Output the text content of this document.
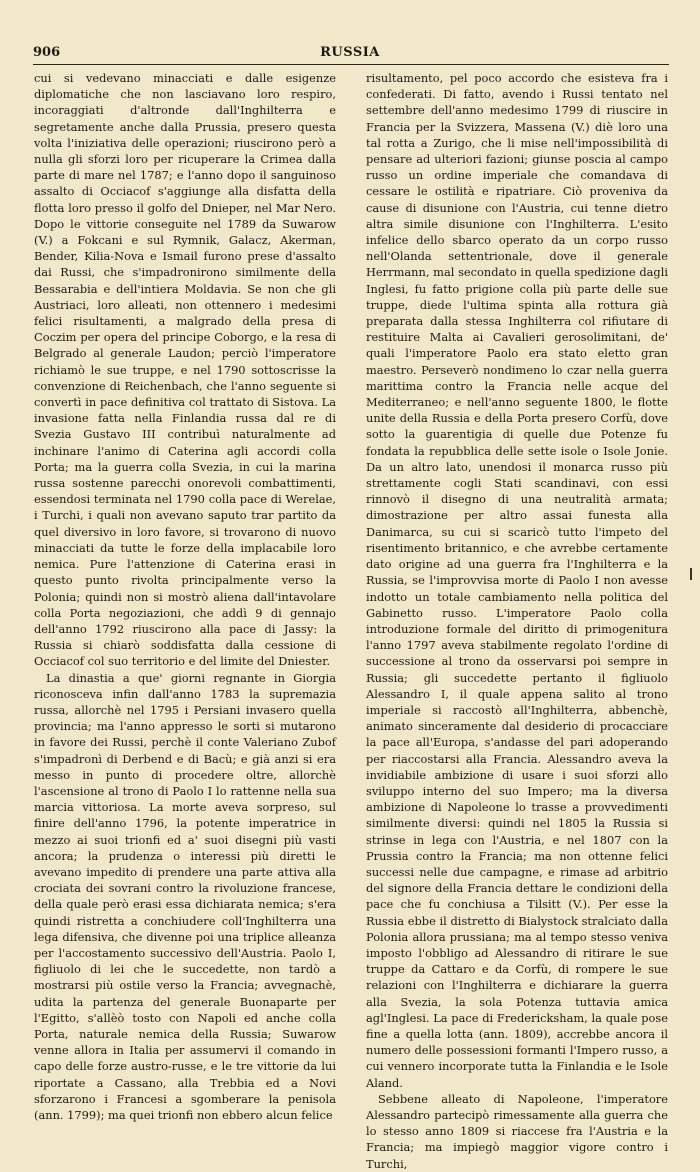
906	RUSSIA

cui si vedevano minacciati e dalle esigenze diplomatiche che non lasciavano loro respiro, incoraggiati d'altronde dall'Inghilterra e segretamente anche dalla Prussia, presero questa volta l'iniziativa delle operazioni; riuscirono però a nulla gli sforzi loro per ricuperare la Crimea dalla parte di mare nel 1787; e l'anno dopo il sanguinoso assalto di Occiacof s'aggiunge alla disfatta della flotta loro presso il golfo del Dnieper, nel Mar Nero. Dopo le vittorie conseguite nel 1789 da Suwarow (V.) a Fokcani e sul Rymnik, Galacz, Akerman, Bender, Kilia-Nova e Ismail furono prese d'assalto dai Russi, che s'impadronirono similmente della Bessarabia e dell'intiera Moldavia. Se non che gli Austriaci, loro alleati, non ottennero i medesimi felici risultamenti, a malgrado della presa di Coczim per opera del principe Coborgo, e la resa di Belgrado al generale Laudon; perciò l'imperatore richiamò le sue truppe, e nel 1790 sottoscrisse la convenzione di Reichenbach, che l'anno seguente si convertì in pace definitiva col trattato di Sistova. La invasione fatta nella Finlandia russa dal re di Svezia Gustavo III contribuì naturalmente ad inchinare l'animo di Caterina agli accordi colla Porta; ma la guerra colla Svezia, in cui la marina russa sostenne parecchi onorevoli combattimenti, essendosi terminata nel 1790 colla pace di Werelae, i Turchi, i quali non avevano saputo trar partito da quel diversivo in loro favore, si trovarono di nuovo minacciati da tutte le forze della implacabile loro nemica. Pure l'attenzione di Caterina erasi in questo punto rivolta principalmente verso la Polonia; quindi non si mostrò aliena dall'intavolare colla Porta negoziazioni, che addì 9 di gennajo dell'anno 1792 riuscirono alla pace di Jassy: la Russia si chiarò soddisfatta dalla cessione di Occiacof col suo territorio e del limite del Dniester.

La dinastia a que' giorni regnante in Giorgia riconosceva infin dall'anno 1783 la supremazia russa, allorchè nel 1795 i Persiani invasero quella provincia; ma l'anno appresso le sorti si mutarono in favore dei Russi, perchè il conte Valeriano Zubof s'impadronì di Derbend e di Bacù; e già anzi si era messo in punto di procedere oltre, allorchè l'ascensione al trono di Paolo I lo rattenne nella sua marcia vittoriosa. La morte aveva sorpreso, sul finire dell'anno 1796, la potente imperatrice in mezzo ai suoi trionfi ed a' suoi disegni più vasti ancora; la prudenza o interessi più diretti le avevano impedito di prendere una parte attiva alla crociata dei sovrani contro la rivoluzione francese, della quale però erasi essa dichiarata nemica; s'era quindi ristretta a conchiudere coll'Inghilterra una lega difensiva, che divenne poi una triplice alleanza per l'accostamento successivo dell'Austria. Paolo I, figliuolo di lei che le succedette, non tardò a mostrarsi più ostile verso la Francia; avvegnachè, udita la partenza del generale Buonaparte per l'Egitto, s'allèò tosto con Napoli ed anche colla Porta, naturale nemica della Russia; Suwarow venne allora in Italia per assumervi il comando in capo delle forze austro-russe, e le tre vittorie da lui riportate a Cassano, alla Trebbia ed a Novi sforzarono i Francesi a sgomberare la penisola (ann. 1799); ma quei trionfi non ebbero alcun felice

risultamento, pel poco accordo che esisteva fra i confederati. Di fatto, avendo i Russi tentato nel settembre dell'anno medesimo 1799 di riuscire in Francia per la Svizzera, Massena (V.) diè loro una tal rotta a Zurigo, che li mise nell'impossibilità di pensare ad ulteriori fazioni; giunse poscia al campo russo un ordine imperiale che comandava di cessare le ostilità e ripatriare. Ciò proveniva da cause di disunione con l'Austria, cui tenne dietro altra simile disunione con l'Inghilterra. L'esito infelice dello sbarco operato da un corpo russo nell'Olanda settentrionale, dove il generale Herrmann, mal secondato in quella spedizione dagli Inglesi, fu fatto prigione colla più parte delle sue truppe, diede l'ultima spinta alla rottura già preparata dalla stessa Inghilterra col rifiutare di restituire Malta ai Cavalieri gerosolimitani, de' quali l'imperatore Paolo era stato eletto gran maestro. Perseverò nondimeno lo czar nella guerra marittima contro la Francia nelle acque del Mediterraneo; e nell'anno seguente 1800, le flotte unite della Russia e della Porta presero Corfù, dove sotto la guarentigia di quelle due Potenze fu fondata la repubblica delle sette isole o Isole Jonie. Da un altro lato, unendosi il monarca russo più strettamente cogli Stati scandinavi, con essi rinnovò il disegno di una neutralità armata; dimostrazione per altro assai funesta alla Danimarca, su cui si scaricò tutto l'impeto del risentimento britannico, e che avrebbe certamente dato origine ad una guerra fra l'Inghilterra e la Russia, se l'improvvisa morte di Paolo I non avesse indotto un totale cambiamento nella politica del Gabinetto russo. L'imperatore Paolo colla introduzione formale del diritto di primogenitura l'anno 1797 aveva stabilmente regolato l'ordine di successione al trono da osservarsi poi sempre in Russia; gli succedette pertanto il figliuolo Alessandro I, il quale appena salito al trono imperiale si raccostò all'Inghilterra, abbenchè, animato sinceramente dal desiderio di procacciare la pace all'Europa, s'andasse del pari adoperando per riaccostarsi alla Francia. Alessandro aveva la invidiabile ambizione di usare i suoi sforzi allo sviluppo interno del suo Impero; ma la diversa ambizione di Napoleone lo trasse a provvedimenti similmente diversi: quindi nel 1805 la Russia si strinse in lega con l'Austria, e nel 1807 con la Prussia contro la Francia; ma non ottenne felici successi nelle due campagne, e rimase ad arbitrio del signore della Francia dettare le condizioni della pace che fu conchiusa a Tilsitt (V.). Per esse la Russia ebbe il distretto di Bialystock stralciato dalla Polonia allora prussiana; ma al tempo stesso veniva imposto l'obbligo ad Alessandro di ritirare le sue truppe da Cattaro e da Corfù, di rompere le sue relazioni con l'Inghilterra e dichiarare la guerra alla Svezia, la sola Potenza tuttavia amica agl'Inglesi. La pace di Fredericksham, la quale pose fine a quella lotta (ann. 1809), accrebbe ancora il numero delle possessioni formanti l'Impero russo, a cui vennero incorporate tutta la Finlandia e le Isole Aland.

Sebbene alleato di Napoleone, l'imperatore Alessandro partecipò rimessamente alla guerra che lo stesso anno 1809 si riaccese fra l'Austria e la Francia; ma impiegò maggior vigore contro i Turchi,
